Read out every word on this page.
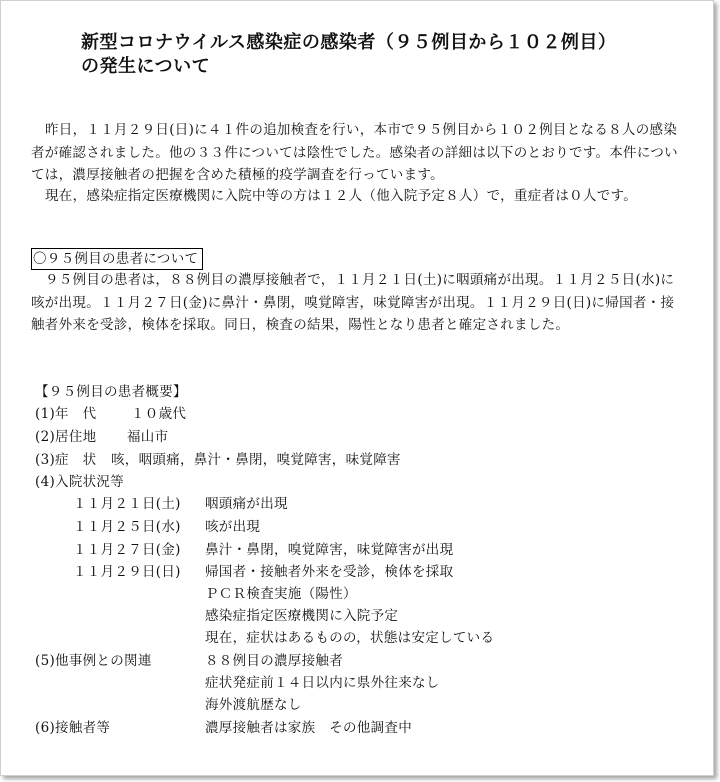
新型コロナウイルス感染症の感染者（９５例目から１０２例目）
の発生について

昨日，１１月２９日(日)に４１件の追加検査を行い，本市で９５例目から１０２例目となる８人の感染者が確認されました。他の３３件については陰性でした。感染者の詳細は以下のとおりです。本件については，濃厚接触者の把握を含めた積極的疫学調査を行っています。

現在，感染症指定医療機関に入院中等の方は１２人（他入院予定８人）で，重症者は０人です。

〇９５例目の患者について

９５例目の患者は，８８例目の濃厚接触者で，１１月２１日(土)に咽頭痛が出現。１１月２５日(水)に咳が出現。１１月２７日(金)に鼻汁・鼻閉，嗅覚障害，味覚障害が出現。１１月２９日(日)に帰国者・接触者外来を受診，検体を採取。同日，検査の結果，陽性となり患者と確定されました。

【９５例目の患者概要】
(1)年　代	１０歳代
(2)居住地 福山市
(3)症　状 咳，咽頭痛，鼻汁・鼻閉，嗅覚障害，味覚障害
(4)入院状況等
１１月２１日(土) 咽頭痛が出現
１１月２５日(水) 咳が出現
１１月２７日(金) 鼻汁・鼻閉，嗅覚障害，味覚障害が出現
１１月２９日(日) 帰国者・接触者外来を受診，検体を採取
ＰＣＲ検査実施（陽性）
感染症指定医療機関に入院予定
現在，症状はあるものの，状態は安定している
(5)他事例との関連	８８例目の濃厚接触者
症状発症前１４日以内に県外往来なし
海外渡航歴なし
(6)接触者等	濃厚接触者は家族　その他調査中
